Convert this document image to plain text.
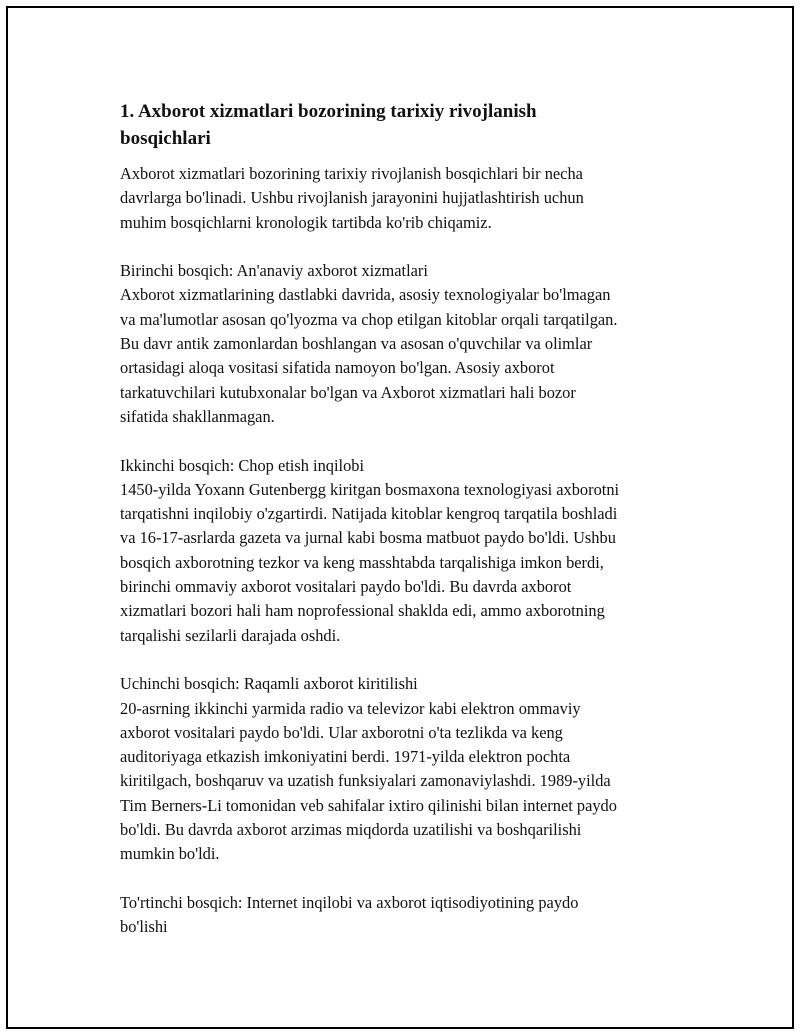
1. Axborot xizmatlari bozorining tarixiy rivojlanish
bosqichlari

Axborot xizmatlari bozorining tarixiy rivojlanish bosqichlari bir necha
davrlarga bo'linadi. Ushbu rivojlanish jarayonini hujjatlashtirish uchun
muhim bosqichlarni kronologik tartibda ko'rib chiqamiz.

Birinchi bosqich: An'anaviy axborot xizmatlari
Axborot xizmatlarining dastlabki davrida, asosiy texnologiyalar bo'lmagan
va ma'lumotlar asosan qo'lyozma va chop etilgan kitoblar orqali tarqatilgan.
Bu davr antik zamonlardan boshlangan va asosan o'quvchilar va olimlar
ortasidagi aloqa vositasi sifatida namoyon bo'lgan. Asosiy axborot
tarkatuvchilari kutubxonalar bo'lgan va Axborot xizmatlari hali bozor
sifatida shakllanmagan.

Ikkinchi bosqich: Chop etish inqilobi
1450-yilda Yoxann Gutenbergg kiritgan bosmaxona texnologiyasi axborotni
tarqatishni inqilobiy o'zgartirdi. Natijada kitoblar kengroq tarqatila boshladi
va 16-17-asrlarda gazeta va jurnal kabi bosma matbuot paydo bo'ldi. Ushbu
bosqich axborotning tezkor va keng masshtabda tarqalishiga imkon berdi,
birinchi ommaviy axborot vositalari paydo bo'ldi. Bu davrda axborot
xizmatlari bozori hali ham noprofessional shaklda edi, ammo axborotning
tarqalishi sezilarli darajada oshdi.

Uchinchi bosqich: Raqamli axborot kiritilishi
20-asrning ikkinchi yarmida radio va televizor kabi elektron ommaviy
axborot vositalari paydo bo'ldi. Ular axborotni o'ta tezlikda va keng
auditoriyaga etkazish imkoniyatini berdi. 1971-yilda elektron pochta
kiritilgach, boshqaruv va uzatish funksiyalari zamonaviylashdi. 1989-yilda
Tim Berners-Li tomonidan veb sahifalar ixtiro qilinishi bilan internet paydo
bo'ldi. Bu davrda axborot arzimas miqdorda uzatilishi va boshqarilishi
mumkin bo'ldi.

To'rtinchi bosqich: Internet inqilobi va axborot iqtisodiyotining paydo
bo'lishi
